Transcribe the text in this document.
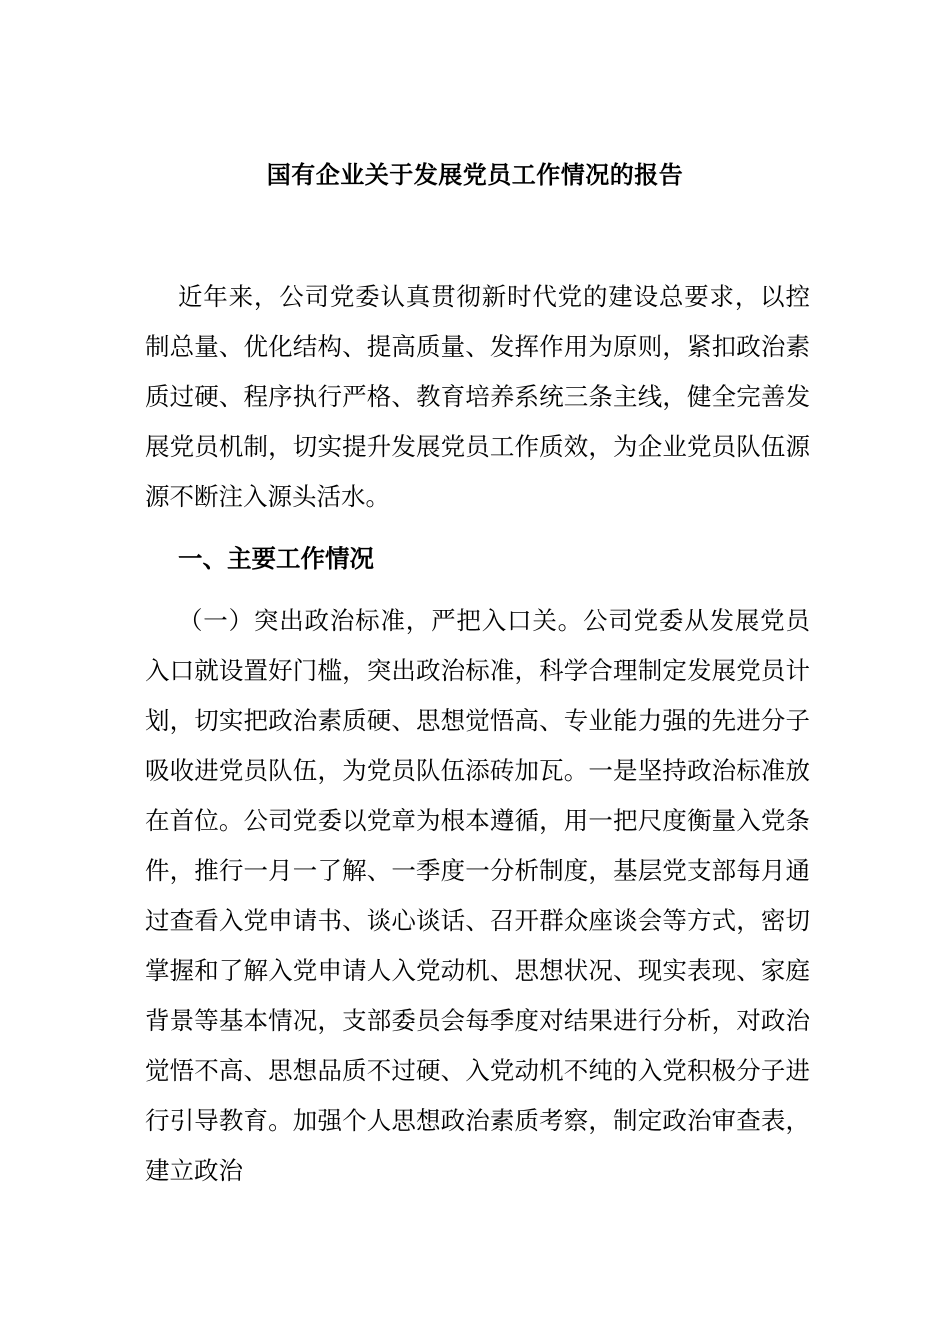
国有企业关于发展党员工作情况的报告
近年来，公司党委认真贯彻新时代党的建设总要求，以控制总量、优化结构、提高质量、发挥作用为原则，紧扣政治素质过硬、程序执行严格、教育培养系统三条主线，健全完善发展党员机制，切实提升发展党员工作质效，为企业党员队伍源源不断注入源头活水。
一、主要工作情况
（一）突出政治标准，严把入口关。公司党委从发展党员入口就设置好门槛，突出政治标准，科学合理制定发展党员计划，切实把政治素质硬、思想觉悟高、专业能力强的先进分子吸收进党员队伍，为党员队伍添砖加瓦。一是坚持政治标准放在首位。公司党委以党章为根本遵循，用一把尺度衡量入党条件，推行一月一了解、一季度一分析制度，基层党支部每月通过查看入党申请书、谈心谈话、召开群众座谈会等方式，密切掌握和了解入党申请人入党动机、思想状况、现实表现、家庭背景等基本情况，支部委员会每季度对结果进行分析，对政治觉悟不高、思想品质不过硬、入党动机不纯的入党积极分子进行引导教育。加强个人思想政治素质考察，制定政治审查表，建立政治
